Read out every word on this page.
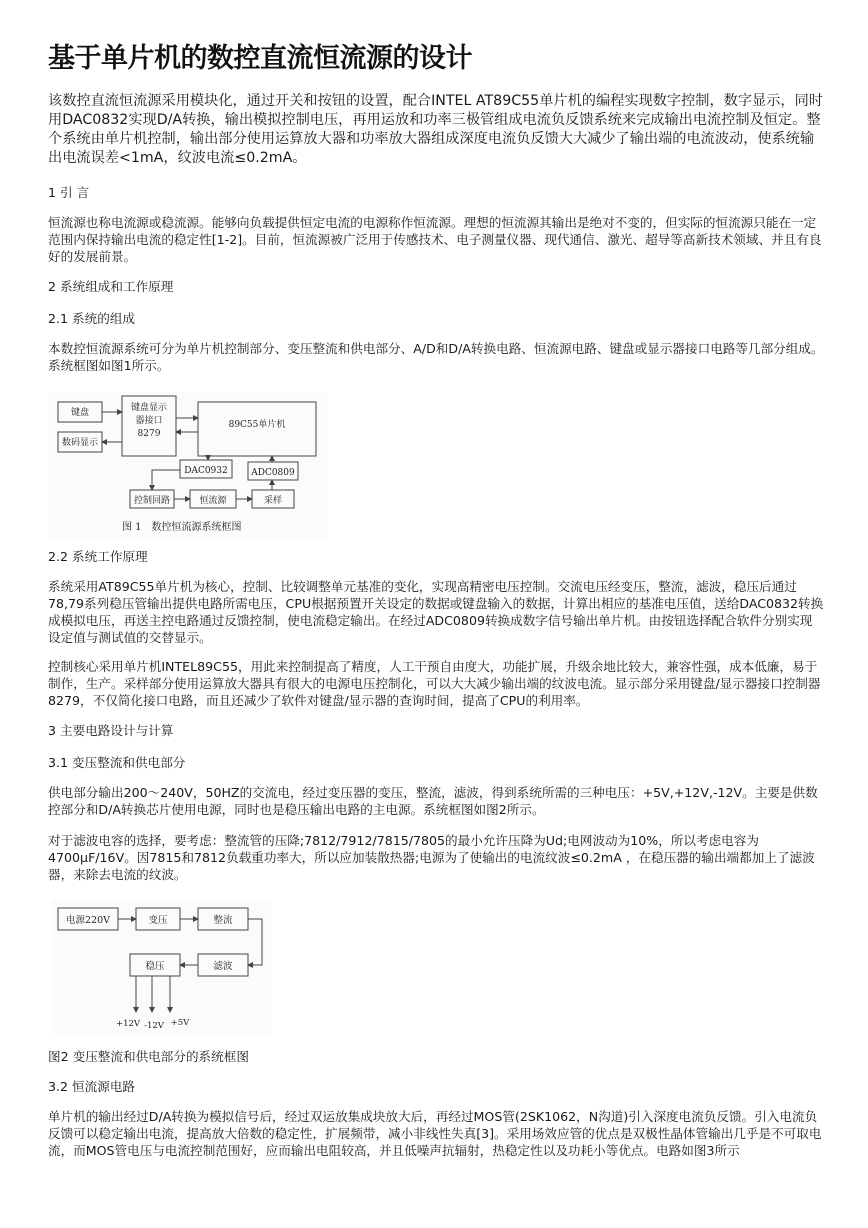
基于单片机的数控直流恒流源的设计

该数控直流恒流源采用模块化，通过开关和按钮的设置，配合INTEL AT89C55单片机的编程实现数字控制，数字显示，同时用DAC0832实现D/A转换，输出模拟控制电压，再用运放和功率三极管组成电流负反馈系统来完成输出电流控制及恒定。整个系统由单片机控制，输出部分使用运算放大器和功率放大器组成深度电流负反馈大大减少了输出端的电流波动，使系统输出电流误差<1mA，纹波电流≤0.2mA。

1 引 言

恒流源也称电流源或稳流源。能够向负载提供恒定电流的电源称作恒流源。理想的恒流源其输出是绝对不变的，但实际的恒流源只能在一定范围内保持输出电流的稳定性[1-2]。目前，恒流源被广泛用于传感技术、电子测量仪器、现代通信、激光、超导等高新技术领域、并且有良好的发展前景。

2 系统组成和工作原理
2.1 系统的组成

本数控恒流源系统可分为单片机控制部分、变压整流和供电部分、A/D和D/A转换电路、恒流源电路、键盘或显示器接口电路等几部分组成。系统框图如图1所示。

2.2 系统工作原理

系统采用AT89C55单片机为核心，控制、比较调整单元基准的变化，实现高精密电压控制。交流电压经变压，整流，滤波，稳压后通过78,79系列稳压管输出提供电路所需电压，CPU根据预置开关设定的数据或键盘输入的数据，计算出相应的基准电压值，送给DAC0832转换成模拟电压，再送主控电路通过反馈控制，使电流稳定输出。在经过ADC0809转换成数字信号输出单片机。由按钮选择配合软件分别实现设定值与测试值的交替显示。

控制核心采用单片机INTEL89C55，用此来控制提高了精度，人工干预自由度大，功能扩展，升级余地比较大，兼容性强，成本低廉，易于制作，生产。采样部分使用运算放大器具有很大的电源电压控制化，可以大大减少输出端的纹波电流。显示部分采用键盘/显示器接口控制器8279，不仅简化接口电路，而且还减少了软件对键盘/显示器的查询时间，提高了CPU的利用率。

3 主要电路设计与计算
3.1 变压整流和供电部分

供电部分输出200～240V，50HZ的交流电，经过变压器的变压，整流，滤波，得到系统所需的三种电压：+5V,+12V,-12V。主要是供数控部分和D/A转换芯片使用电源，同时也是稳压输出电路的主电源。系统框图如图2所示。

对于滤波电容的选择，要考虑：整流管的压降;7812/7912/7815/7805的最小允许压降为Ud;电网波动为10%，所以考虑电容为4700μF/16V。因7815和7812负载重功率大，所以应加装散热器;电源为了使输出的电流纹波≤0.2mA ，在稳压器的输出端都加上了滤波器，来除去电流的纹波。

图2 变压整流和供电部分的系统框图
3.2 恒流源电路

单片机的输出经过D/A转换为模拟信号后，经过双运放集成块放大后，再经过MOS管(2SK1062，N沟道)引入深度电流负反馈。引入电流负反馈可以稳定输出电流，提高放大倍数的稳定性，扩展频带，减小非线性失真[3]。采用场效应管的优点是双极性晶体管输出几乎是不可取电流，而MOS管电压与电流控制范围好，应而输出电阻较高，并且低噪声抗辐射，热稳定性以及功耗小等优点。电路如图3所示

键盘
数码显示
键盘显示
器接口
8279
89C55单片机
DAC0932	ADC0809
控制回路	恒流源	采样
图 1　数控恒流源系统框图
电源220V	变压	整流
稳压	滤波
+12V -12V +5V
